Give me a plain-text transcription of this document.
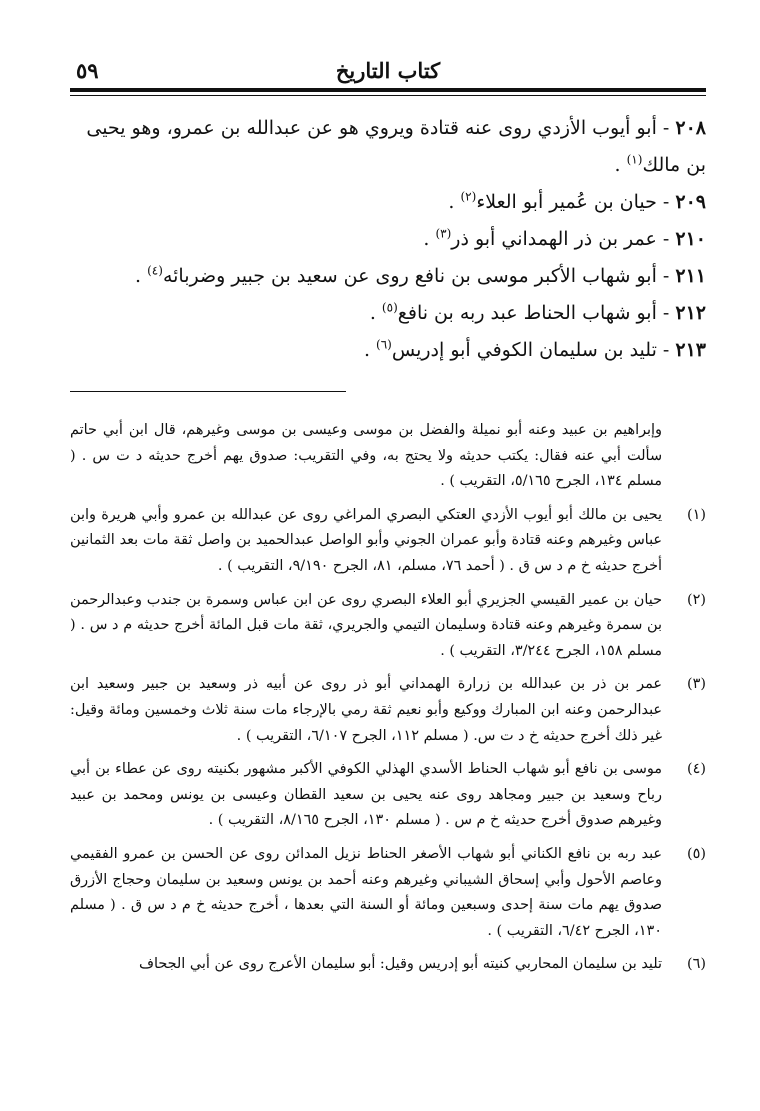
كتاب التاريخ
٥٩
٢٠٨ - أبو أيوب الأزدي روى عنه قتادة ويروي هو عن عبدالله بن عمرو، وهو يحيى بن مالك$^{(١)}$ .
٢٠٩ - حيان بن عُمير أبو العلاء$^{(٢)}$ .
٢١٠ - عمر بن ذر الهمداني أبو ذر$^{(٣)}$ .
٢١١ - أبو شهاب الأكبر موسى بن نافع روى عن سعيد بن جبير وضربائه$^{(٤)}$ .
٢١٢ - أبو شهاب الحناط عبد ربه بن نافع$^{(٥)}$ .
٢١٣ - تليد بن سليمان الكوفي أبو إدريس$^{(٦)}$ .
وإبراهيم بن عبيد وعنه أبو نميلة والفضل بن موسى وعيسى بن موسى وغيرهم، قال ابن أبي حاتم سألت أبي عنه فقال: يكتب حديثه ولا يحتج به، وفي التقريب: صدوق يهم أخرج حديثه د ت س . ( مسلم ١٣٤، الجرح ٥/١٦٥، التقريب ) .
(١)
يحيى بن مالك أبو أيوب الأزدي العتكي البصري المراغي روى عن عبدالله بن عمرو وأبي هريرة وابن عباس وغيرهم وعنه قتادة وأبو عمران الجوني وأبو الواصل عبدالحميد بن واصل ثقة مات بعد الثمانين أخرج حديثه خ م د س ق . ( أحمد ٧٦، مسلم، ٨١، الجرح ٩/١٩٠، التقريب ) .
(٢)
حيان بن عمير القيسي الجزيري أبو العلاء البصري روى عن ابن عباس وسمرة بن جندب وعبدالرحمن بن سمرة وغيرهم وعنه قتادة وسليمان التيمي والجريري، ثقة مات قبل المائة أخرج حديثه م د س . ( مسلم ١٥٨، الجرح ٣/٢٤٤، التقريب ) .
(٣)
عمر بن ذر بن عبدالله بن زرارة الهمداني أبو ذر روى عن أبيه ذر وسعيد بن جبير وسعيد ابن عبدالرحمن وعنه ابن المبارك ووكيع وأبو نعيم ثقة رمي بالإرجاء مات سنة ثلاث وخمسين ومائة وقيل: غير ذلك أخرج حديثه خ د ت س. ( مسلم ١١٢، الجرح ٦/١٠٧، التقريب ) .
(٤)
موسى بن نافع أبو شهاب الحناط الأسدي الهذلي الكوفي الأكبر مشهور بكنيته روى عن عطاء بن أبي رباح وسعيد بن جبير ومجاهد روى عنه يحيى بن سعيد القطان وعيسى بن يونس ومحمد بن عبيد وغيرهم صدوق أخرج حديثه خ م س . ( مسلم ١٣٠، الجرح ٨/١٦٥، التقريب ) .
(٥)
عبد ربه بن نافع الكناني أبو شهاب الأصغر الحناط نزيل المدائن روى عن الحسن بن عمرو الفقيمي وعاصم الأحول وأبي إسحاق الشيباني وغيرهم وعنه أحمد بن يونس وسعيد بن سليمان وحجاج الأزرق صدوق يهم مات سنة إحدى وسبعين ومائة أو السنة التي بعدها ، أخرج حديثه خ م د س ق . ( مسلم ١٣٠، الجرح ٦/٤٢، التقريب ) .
(٦)
تليد بن سليمان المحاربي كنيته أبو إدريس وقيل: أبو سليمان الأعرج روى عن أبي الجحاف
